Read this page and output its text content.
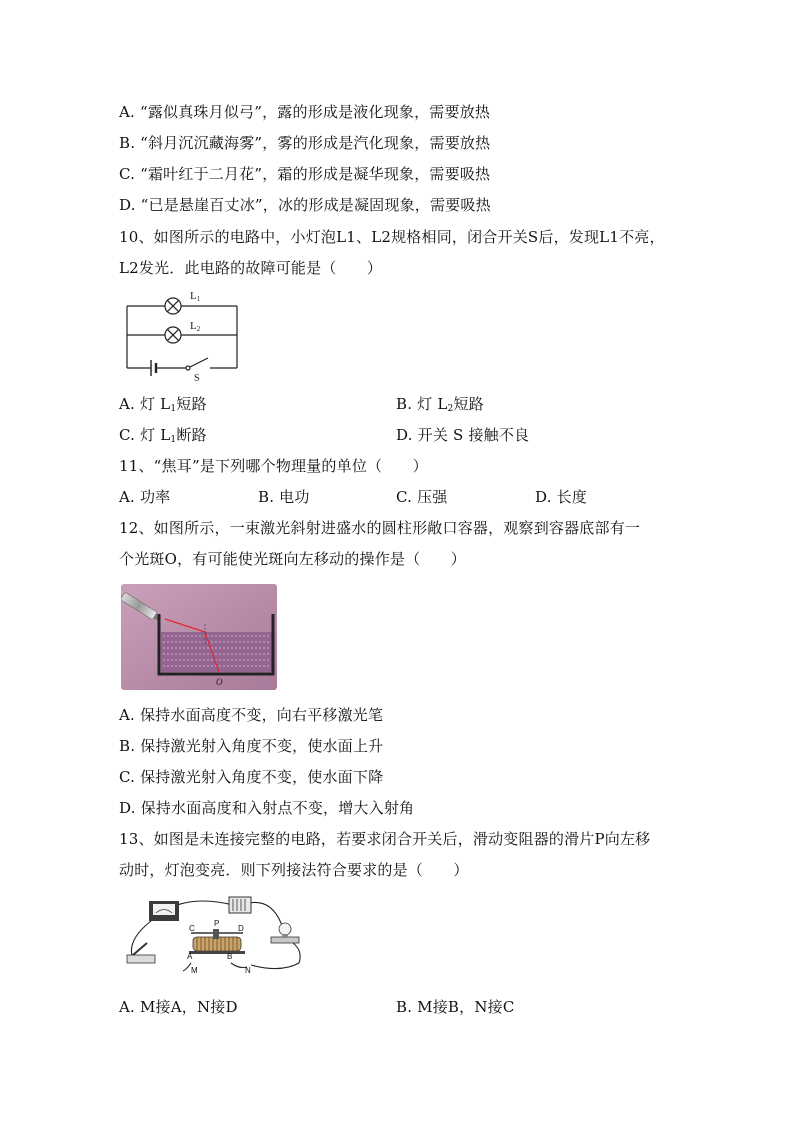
A. “露似真珠月似弓”，露的形成是液化现象，需要放热
B. “斜月沉沉藏海雾”，雾的形成是汽化现象，需要放热
C. “霜叶红于二月花”，霜的形成是凝华现象，需要吸热
D. “已是悬崖百丈冰”，冰的形成是凝固现象，需要吸热
10、如图所示的电路中，小灯泡L1、L2规格相同，闭合开关S后，发现L1不亮，
L2发光．此电路的故障可能是（　　）
L1
L2
S
A. 灯 $L_1$短路	B. 灯 $L_2$短路
C. 灯 $L_1$断路	D. 开关 S 接触不良
11、“焦耳”是下列哪个物理量的单位（　　）
A. 功率	B. 电功	C. 压强	D. 长度
12、如图所示，一束激光斜射进盛水的圆柱形敞口容器，观察到容器底部有一
个光斑O，有可能使光斑向左移动的操作是（　　）
O
A. 保持水面高度不变，向右平移激光笔
B. 保持激光射入角度不变，使水面上升
C. 保持激光射入角度不变，使水面下降
D. 保持水面高度和入射点不变，增大入射角
13、如图是未连接完整的电路，若要求闭合开关后，滑动变阻器的滑片P向左移
动时，灯泡变亮．则下列接法符合要求的是（　　）
C
P
D
A	B
M	N
A. M接A，N接D	B. M接B，N接C
